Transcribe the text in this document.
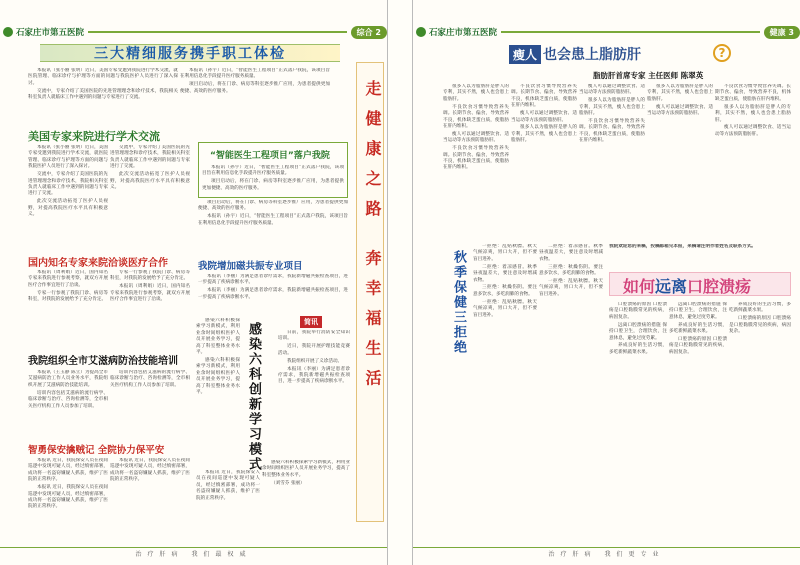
石家庄市第五医院	综合 2
三大精细服务携手职工体检

本报讯（张小丽 张明）近日，美国专家受邀到我院进行学术交流，就医院管理、临床诊疗与护理等方面的问题与我院医护人员进行了深入探讨。

交流中，专家介绍了美国医院的先进管理理念和诊疗技术，我院相关科室负责人就临床工作中遇到的问题与专家进行了交流。

本报讯（孙宇）近日，“智能医生工程项目”正式落户我院，该项目旨在利用信息化手段提升医疗服务质量。

项目启动后，将在门诊、病房等科室逐步推广应用，为患者提供更加便捷、高效的医疗服务。

美国专家来院进行学术交流

本报讯（张小丽 张明）近日，美国专家受邀到我院进行学术交流，就医院管理、临床诊疗与护理等方面的问题与我院医护人员进行了深入探讨。

交流中，专家介绍了美国医院的先进管理理念和诊疗技术，我院相关科室负责人就临床工作中遇到的问题与专家进行了交流。

此次交流活动拓宽了医护人员视野，对提高我院医疗水平具有积极意义。

交流中，专家介绍了美国医院的先进管理理念和诊疗技术，我院相关科室负责人就临床工作中遇到的问题与专家进行了交流。

此次交流活动拓宽了医护人员视野，对提高我院医疗水平具有积极意义。

“智能医生工程项目”落户我院

本报讯（孙宇）近日，“智能医生工程项目”正式落户我院，该项目旨在利用信息化手段提升医疗服务质量。

项目启动后，将在门诊、病房等科室逐步推广应用，为患者提供更加便捷、高效的医疗服务。

项目启动后，将在门诊、病房等科室逐步推广应用，为患者提供更加便捷、高效的医疗服务。

本报讯（孙宇）近日，“智能医生工程项目”正式落户我院，该项目旨在利用信息化手段提升医疗服务质量。

国内知名专家来院洽谈医疗合作

本报讯（周利娟）近日，国内知名专家来我院进行参观考察，就双方开展医疗合作事宜进行了洽谈。

专家一行参观了我院门诊、病房等科室，对我院的发展给予了充分肯定。

专家一行参观了我院门诊、病房等科室，对我院的发展给予了充分肯定。

本报讯（周利娟）近日，国内知名专家来我院进行参观考察，就双方开展医疗合作事宜进行了洽谈。

我院增加磁共振专业项目

本报讯（李丽）为满足患者诊疗需求，我院新增磁共振检查项目，进一步提高了疾病诊断水平。

本报讯（李丽）为满足患者诊疗需求，我院新增磁共振检查项目，进一步提高了疾病诊断水平。

简讯

日前，我院举行消防安全知识培训。

近日，我院开展护理技能竞赛活动。

我院组织开展了义诊活动。

本报讯（李丽）为满足患者诊疗需求，我院新增磁共振检查项目，进一步提高了疾病诊断水平。

感染六科创新学习模式

感染六科积极探索学习新模式，利用业余时间组织医护人员开展业务学习，提高了科室整体业务水平。

感染六科积极探索学习新模式，利用业余时间组织医护人员开展业务学习，提高了科室整体业务水平。

感染六科积极探索学习新模式，利用业余时间组织医护人员开展业务学习，提高了科室整体业务水平。

（刘雪芬 张丽）

我院组织全市艾滋病防治技能培训

本报讯（王玉静 陈立）为提高全市艾滋病防治工作人员业务水平，我院组织开展了艾滋病防治技能培训。

培训内容包括艾滋病的流行病学、临床诊断与治疗、咨询检测等，全市相关医疗机构工作人员参加了培训。

培训内容包括艾滋病的流行病学、临床诊断与治疗、咨询检测等，全市相关医疗机构工作人员参加了培训。

智勇保安擒贼记 全院协力保平安

本报讯 近日，我院保安人员在夜间巡逻中发现可疑人员，经过缜密部署，成功将一名盗窃嫌疑人抓获，维护了医院的正常秩序。

本报讯 近日，我院保安人员在夜间巡逻中发现可疑人员，经过缜密部署，成功将一名盗窃嫌疑人抓获，维护了医院的正常秩序。

本报讯 近日，我院保安人员在夜间巡逻中发现可疑人员，经过缜密部署，成功将一名盗窃嫌疑人抓获，维护了医院的正常秩序。

本报讯 近日，我院保安人员在夜间巡逻中发现可疑人员，经过缜密部署，成功将一名盗窃嫌疑人抓获，维护了医院的正常秩序。

走健康之路 奔幸福生活
治疗肝病 我们最权威
石家庄市第五医院	健康 3
瘦人 也会患上脂肪肝	?
脂肪肝首席专家 主任医师 陈翠英

很多人以为脂肪肝是胖人的专利，其实不然，瘦人也会患上脂肪肝。

不良饮食习惯导致营养失调。长期节食、偏食，导致营养不良，机体缺乏蛋白质，使脂肪在肝内堆积。

瘦人可以通过调整饮食、适当运动等方法预防脂肪肝。

不良饮食习惯导致营养失调。长期节食、偏食，导致营养不良，机体缺乏蛋白质，使脂肪在肝内堆积。

不良饮食习惯导致营养失调。长期节食、偏食，导致营养不良，机体缺乏蛋白质，使脂肪在肝内堆积。

瘦人可以通过调整饮食、适当运动等方法预防脂肪肝。

很多人以为脂肪肝是胖人的专利，其实不然，瘦人也会患上脂肪肝。

瘦人可以通过调整饮食、适当运动等方法预防脂肪肝。

很多人以为脂肪肝是胖人的专利，其实不然，瘦人也会患上脂肪肝。

不良饮食习惯导致营养失调。长期节食、偏食，导致营养不良，机体缺乏蛋白质，使脂肪在肝内堆积。

很多人以为脂肪肝是胖人的专利，其实不然，瘦人也会患上脂肪肝。

瘦人可以通过调整饮食、适当运动等方法预防脂肪肝。

不良饮食习惯导致营养失调。长期节食、偏食，导致营养不良，机体缺乏蛋白质，使脂肪在肝内堆积。

很多人以为脂肪肝是胖人的专利，其实不然，瘦人也会患上脂肪肝。

瘦人可以通过调整饮食、适当运动等方法预防脂肪肝。

秋季保健三拒绝

一拒绝：乱贴秋膘。秋天气候凉爽，胃口大开，但不要盲目进补。

二拒绝：着凉感冒。秋季昼夜温差大，要注意及时增减衣物。

三拒绝：秋燥伤阴。要注意多饮水，多吃润肺的食物。

一拒绝：乱贴秋膘。秋天气候凉爽，胃口大开，但不要盲目进补。

二拒绝：着凉感冒。秋季昼夜温差大，要注意及时增减衣物。

三拒绝：秋燥伤阴。要注意多饮水，多吃润肺的食物。

一拒绝：乱贴秋膘。秋天气候凉爽，胃口大开，但不要盲目进补。

我院欢迎您的来稿，投稿邮箱见本报，来稿请注明作者姓名及联系方式。
如何远离口腔溃疡

口腔溃疡的原因 口腔溃疡是口腔黏膜常见的疾病，病因复杂。

远离口腔溃疡的措施 保持口腔卫生，合理饮食，注意休息，避免过度劳累。

养成良好的生活习惯，多吃新鲜蔬菜水果。

远离口腔溃疡的措施 保持口腔卫生，合理饮食，注意休息，避免过度劳累。

养成良好的生活习惯，多吃新鲜蔬菜水果。

口腔溃疡的原因 口腔溃疡是口腔黏膜常见的疾病，病因复杂。

养成良好的生活习惯，多吃新鲜蔬菜水果。

口腔溃疡的原因 口腔溃疡是口腔黏膜常见的疾病，病因复杂。

治疗肝病 我们更专业
